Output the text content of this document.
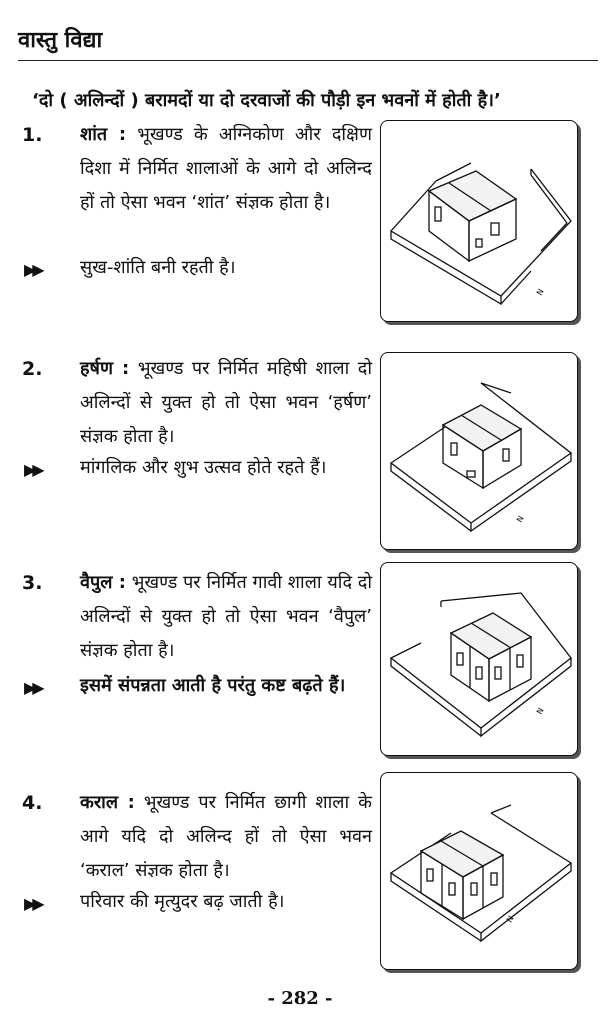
वास्तु विद्या
‘दो ( अलिन्दों ) बरामदों या दो दरवाजों की पौड़ी इन भवनों में होती है।’
1. शांत : भूखण्ड के अग्निकोण और दक्षिण दिशा में निर्मित शालाओं के आगे दो अलिन्द हों तो ऐसा भवन ‘शांत’ संज्ञक होता है।
▶▶ सुख-शांति बनी रहती है।
N
2. हर्षण : भूखण्ड पर निर्मित महिषी शाला दो अलिन्दों से युक्त हो तो ऐसा भवन ‘हर्षण’ संज्ञक होता है।
▶▶ मांगलिक और शुभ उत्सव होते रहते हैं।
N
3. वैपुल : भूखण्ड पर निर्मित गावी शाला यदि दो अलिन्दों से युक्त हो तो ऐसा भवन ‘वैपुल’ संज्ञक होता है।
▶▶ इसमें संपन्नता आती है परंतु कष्ट बढ़ते हैं।
N
4. कराल : भूखण्ड पर निर्मित छागी शाला के आगे यदि दो अलिन्द हों तो ऐसा भवन ‘कराल’ संज्ञक होता है।
▶▶ परिवार की मृत्युदर बढ़ जाती है।
N
- 282 -
